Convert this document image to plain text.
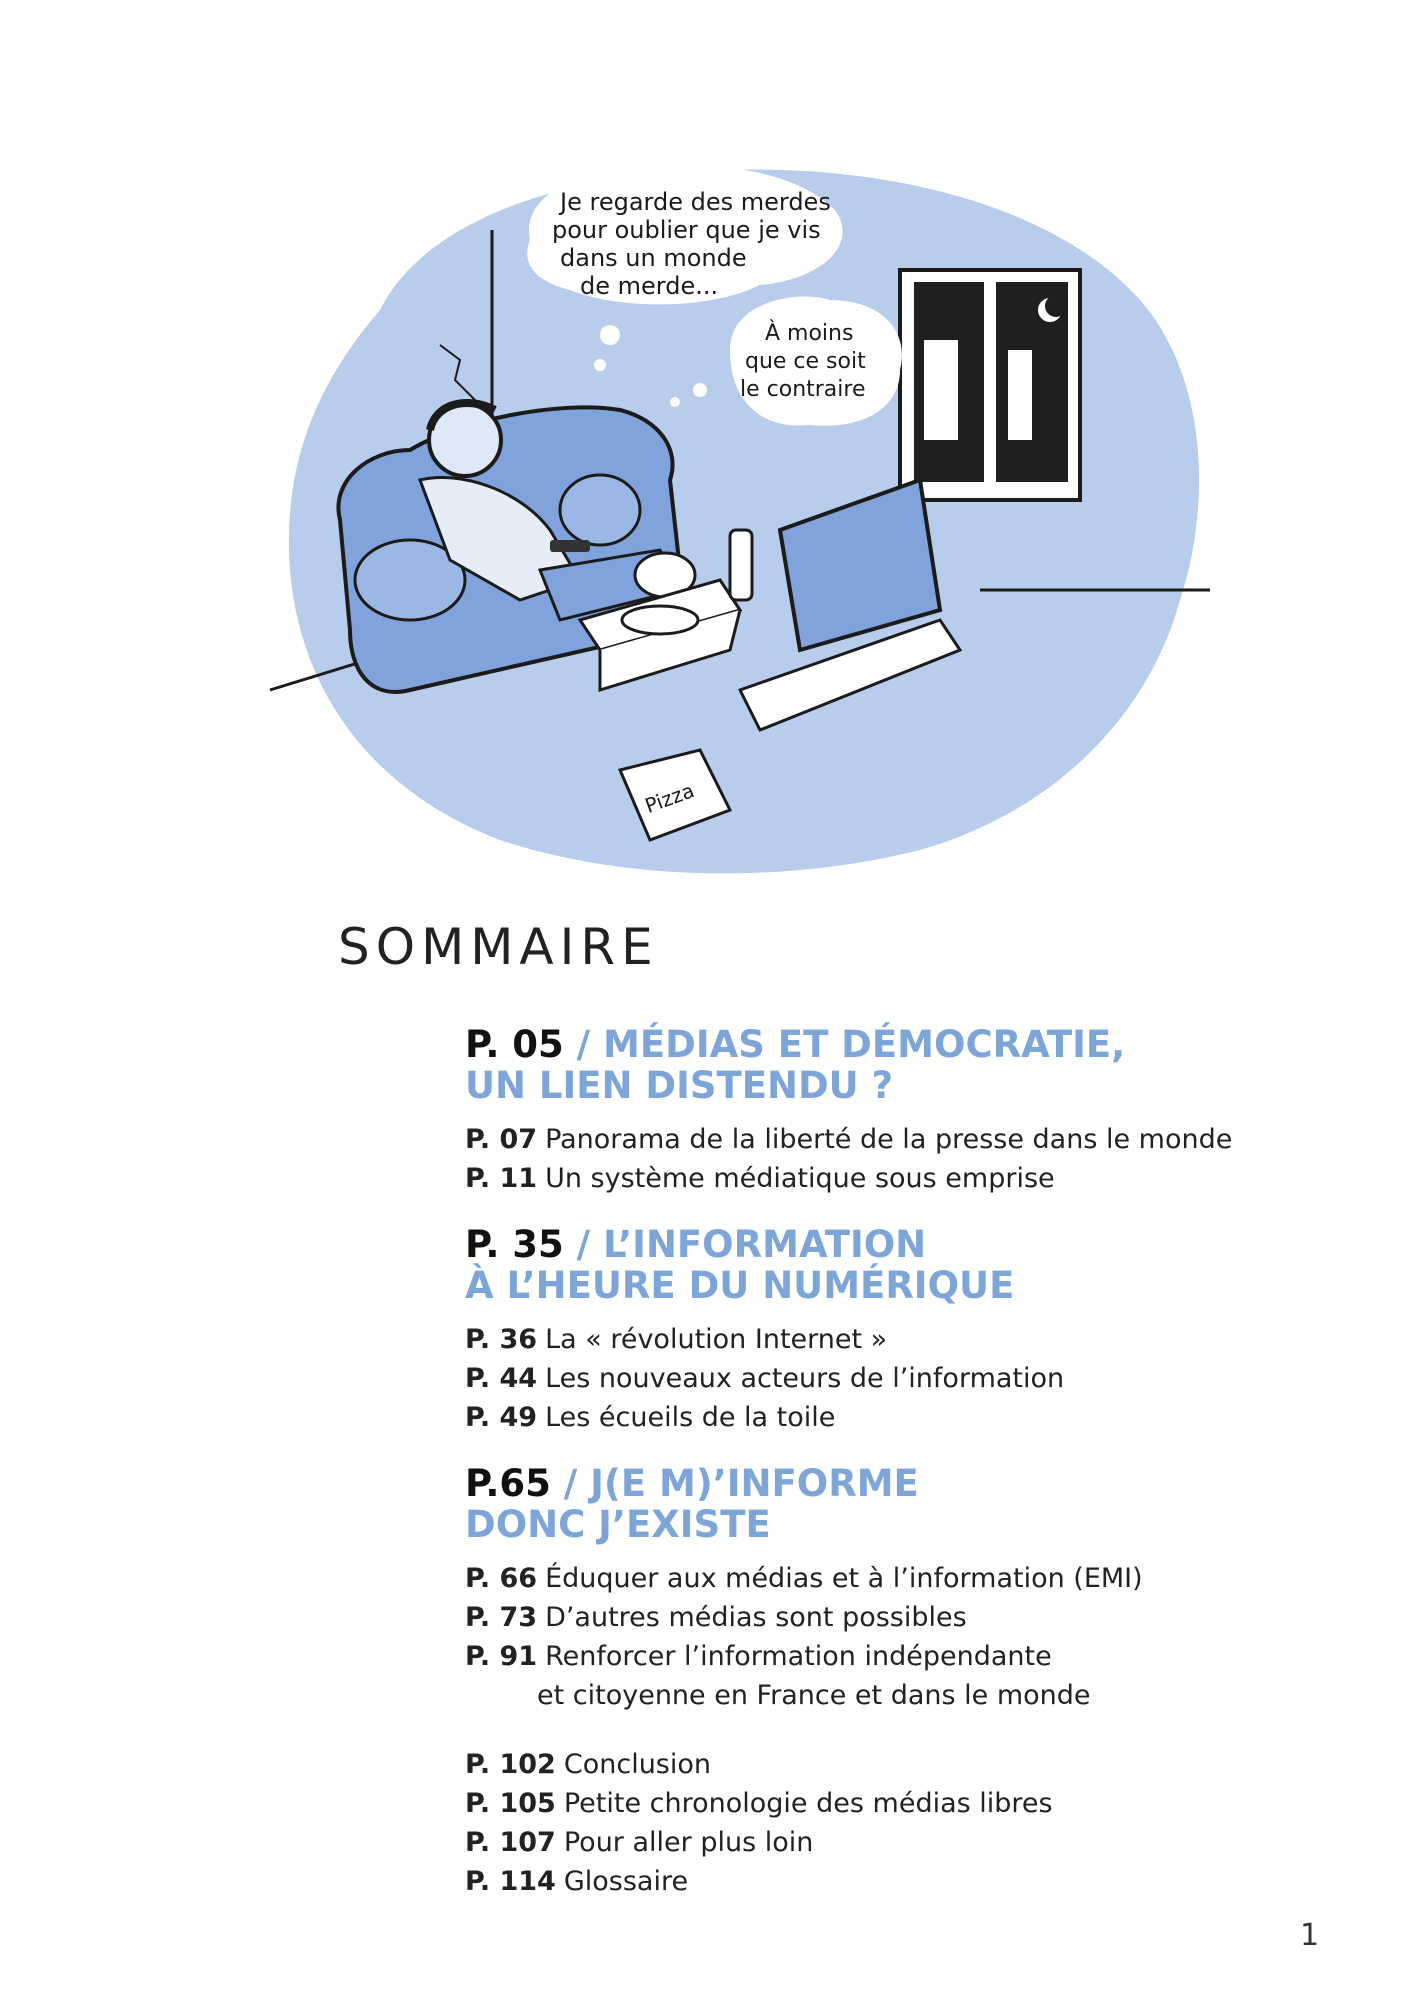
Je regarde des merdes
pour oublier que je vis
dans un monde
de merde...
À moins
que ce soit
le contraire
Pizza
SOMMAIRE
P. 05 / MÉDIAS ET DÉMOCRATIE,
UN LIEN DISTENDU ?
P. 07 Panorama de la liberté de la presse dans le monde
P. 11 Un système médiatique sous emprise
P. 35 / L’INFORMATION
À L’HEURE DU NUMÉRIQUE
P. 36 La « révolution Internet »
P. 44 Les nouveaux acteurs de l’information
P. 49 Les écueils de la toile
P.65 / J(E M)’INFORME
DONC J’EXISTE
P. 66 Éduquer aux médias et à l’information (EMI)
P. 73 D’autres médias sont possibles
P. 91 Renforcer l’information indépendante
et citoyenne en France et dans le monde
P. 102 Conclusion
P. 105 Petite chronologie des médias libres
P. 107 Pour aller plus loin
P. 114 Glossaire
1
